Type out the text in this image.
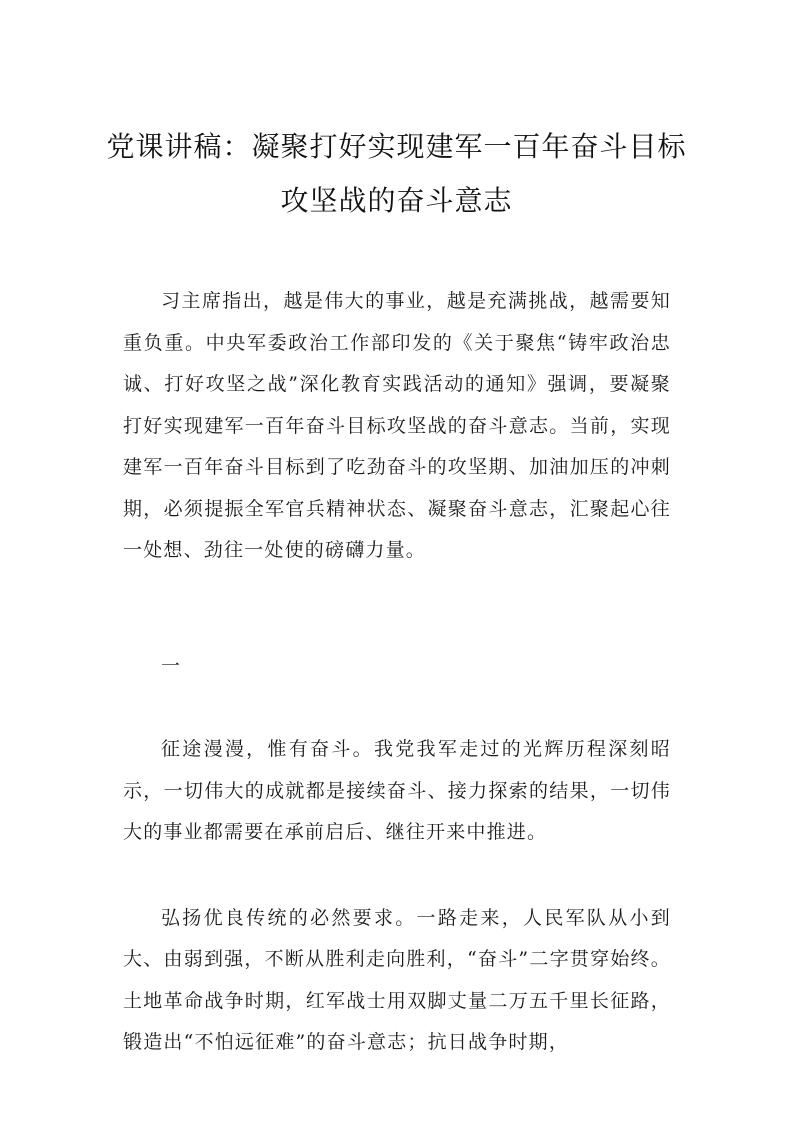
党课讲稿：凝聚打好实现建军一百年奋斗目标攻坚战的奋斗意志

习主席指出，越是伟大的事业，越是充满挑战，越需要知重负重。中央军委政治工作部印发的《关于聚焦“铸牢政治忠诚、打好攻坚之战”深化教育实践活动的通知》强调，要凝聚打好实现建军一百年奋斗目标攻坚战的奋斗意志。当前，实现建军一百年奋斗目标到了吃劲奋斗的攻坚期、加油加压的冲刺期，必须提振全军官兵精神状态、凝聚奋斗意志，汇聚起心往一处想、劲往一处使的磅礴力量。

一

征途漫漫，惟有奋斗。我党我军走过的光辉历程深刻昭示，一切伟大的成就都是接续奋斗、接力探索的结果，一切伟大的事业都需要在承前启后、继往开来中推进。

弘扬优良传统的必然要求。一路走来，人民军队从小到大、由弱到强，不断从胜利走向胜利，“奋斗”二字贯穿始终。土地革命战争时期，红军战士用双脚丈量二万五千里长征路，锻造出“不怕远征难”的奋斗意志；抗日战争时期，
